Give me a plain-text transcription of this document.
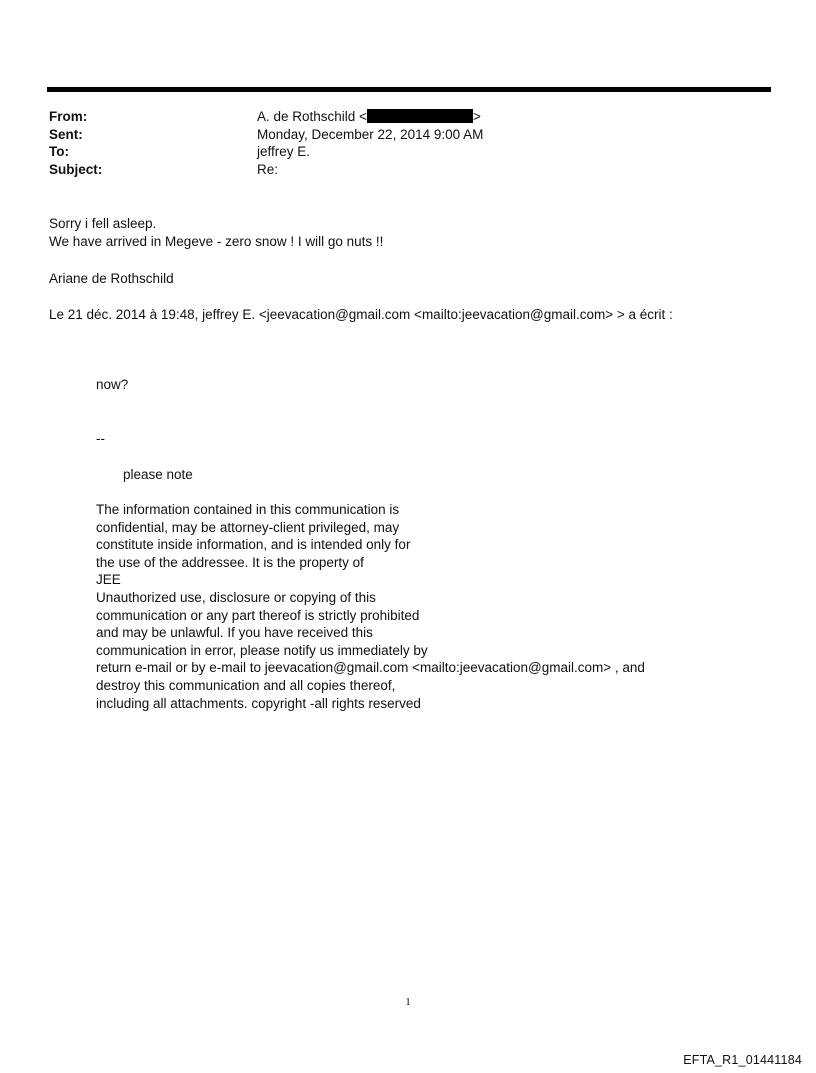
From:	A. de Rothschild <	>
Sent:	Monday, December 22, 2014 9:00 AM
To:	jeffrey E.
Subject:	Re:
Sorry i fell asleep.
We have arrived in Megeve - zero snow ! I will go nuts !!
Ariane de Rothschild
Le 21 déc. 2014 à 19:48, jeffrey E. <jeevacation@gmail.com <mailto:jeevacation@gmail.com> > a écrit :
now?
--
please note
The information contained in this communication is
confidential, may be attorney-client privileged, may
constitute inside information, and is intended only for
the use of the addressee. It is the property of
JEE
Unauthorized use, disclosure or copying of this
communication or any part thereof is strictly prohibited
and may be unlawful. If you have received this
communication in error, please notify us immediately by
return e-mail or by e-mail to jeevacation@gmail.com <mailto:jeevacation@gmail.com> , and
destroy this communication and all copies thereof,
including all attachments. copyright -all rights reserved
1
EFTA_R1_01441184
